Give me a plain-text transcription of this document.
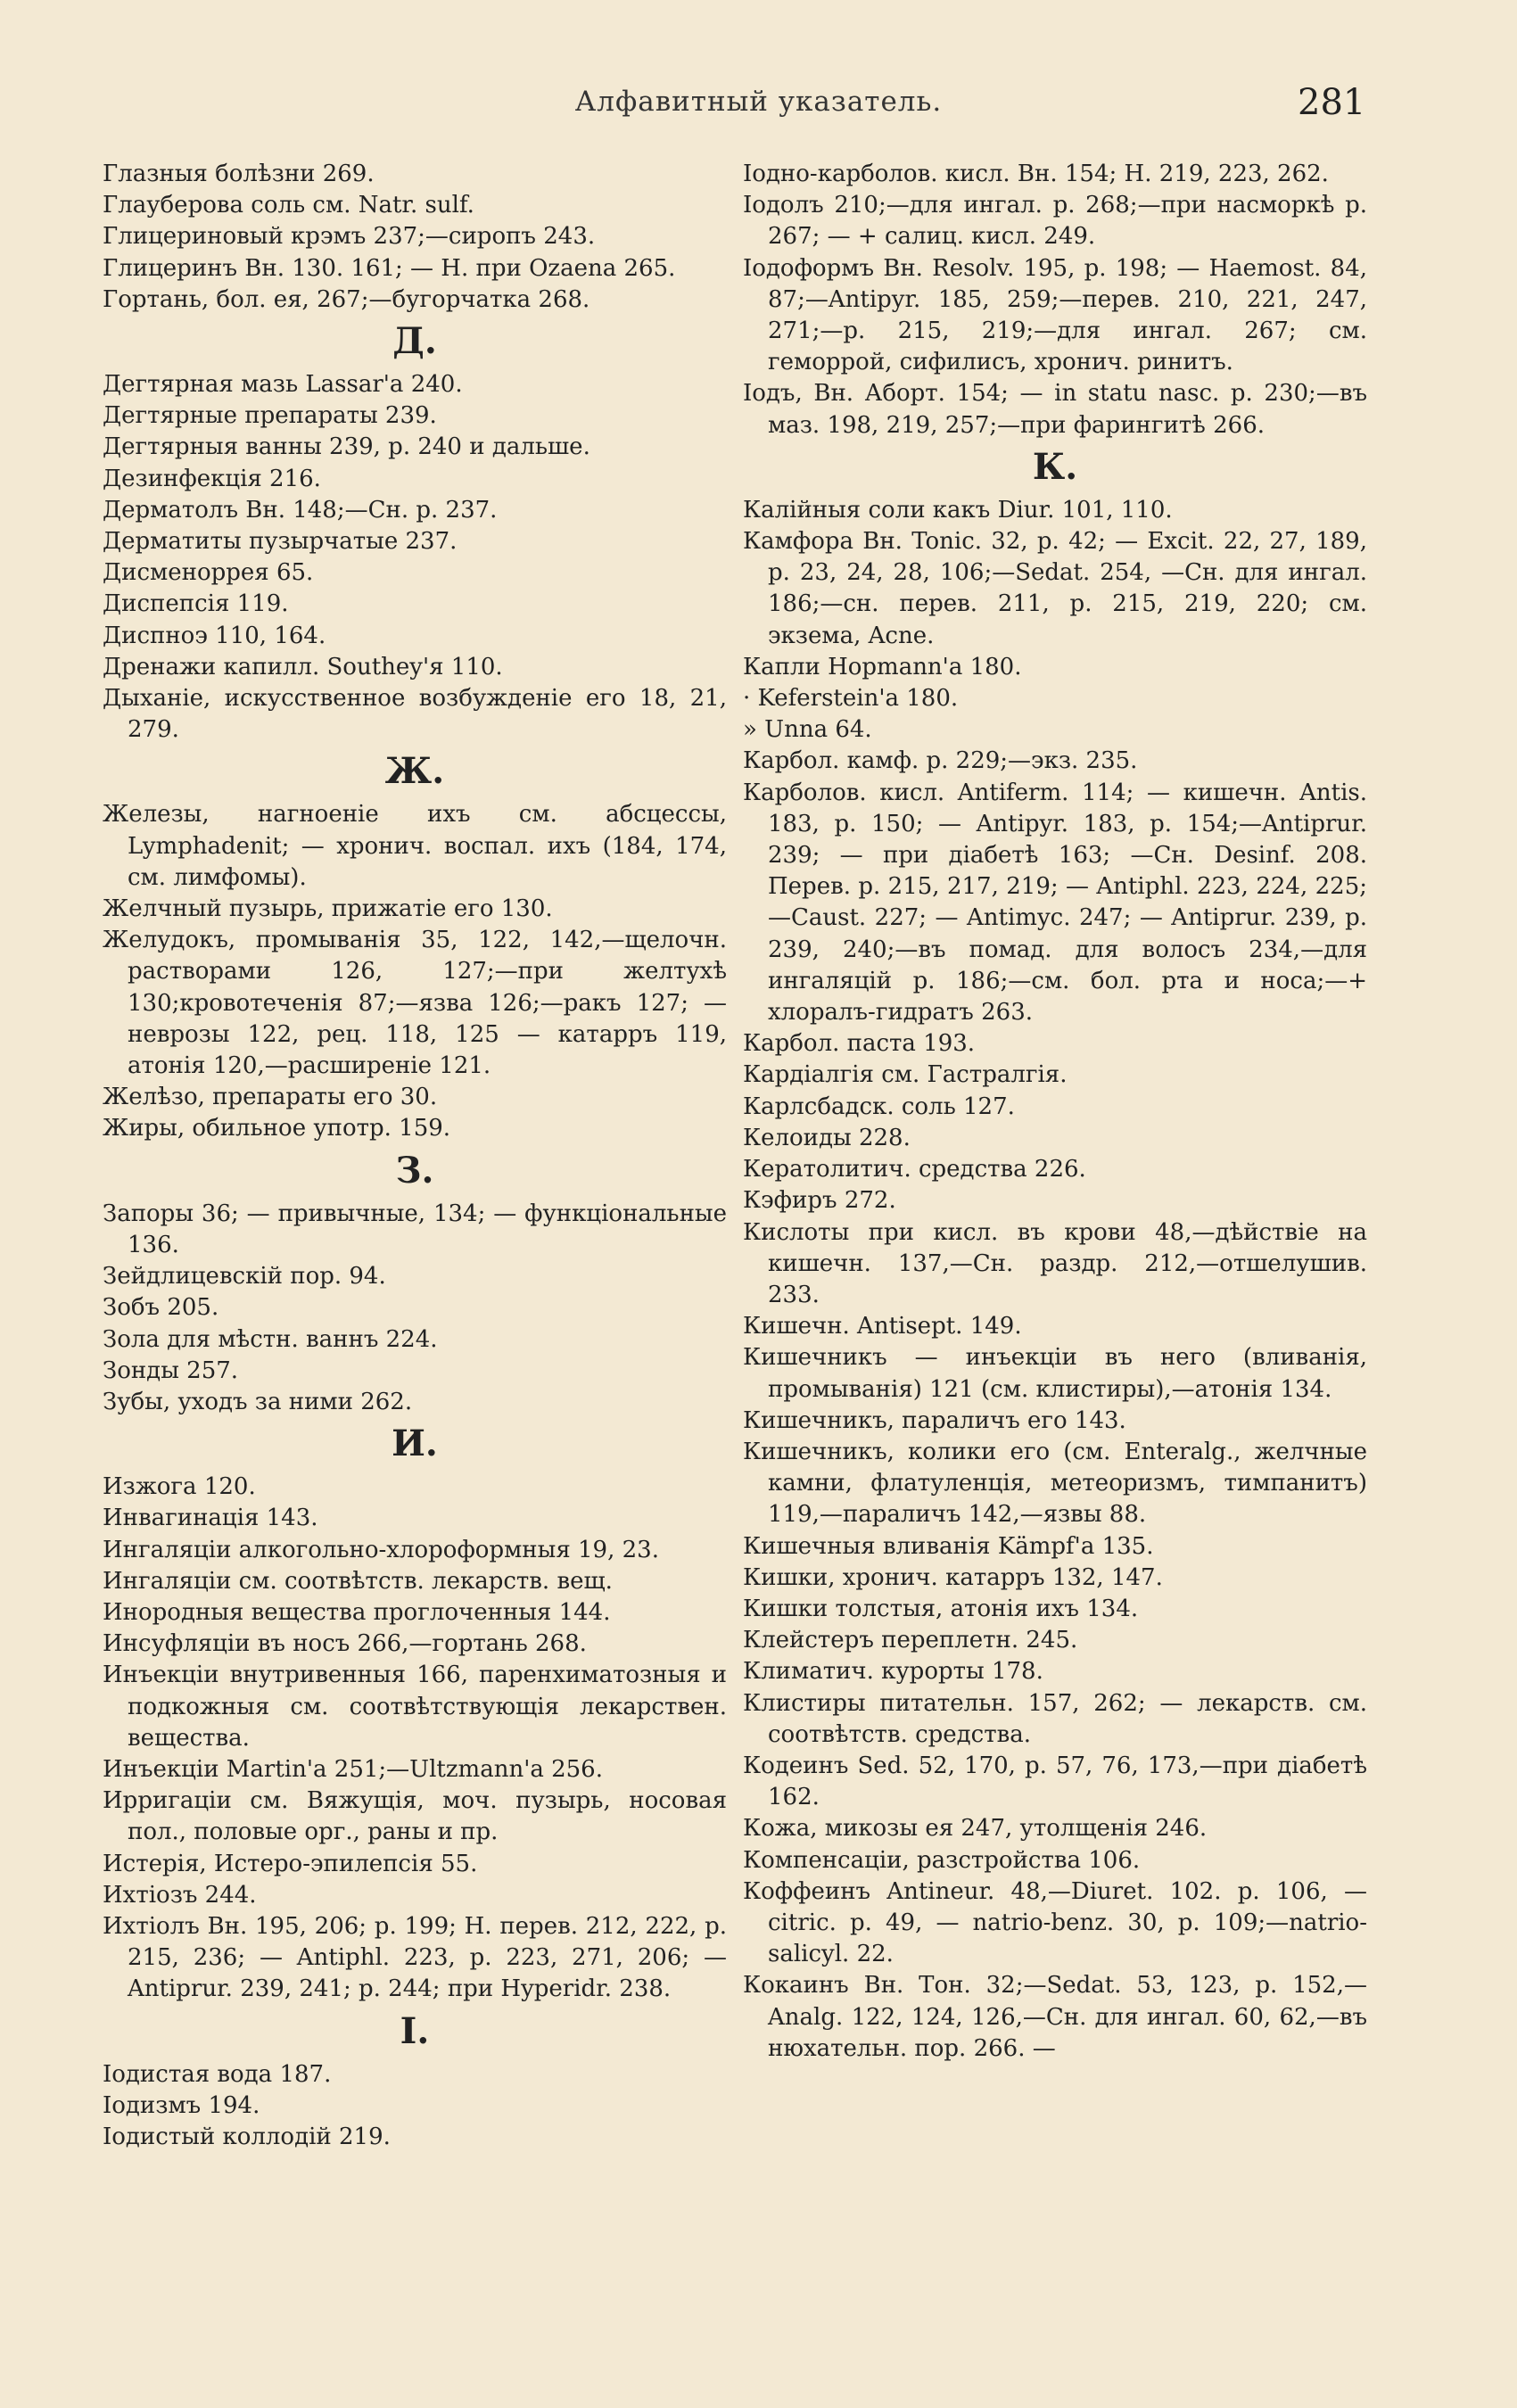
Алфавитный указатель.	281
Глазныя болѣзни 269.
Глауберова соль см. Natr. sulf.
Глицериновый крэмъ 237;—сиропъ 243.
Глицеринъ Вн. 130. 161; — Н. при Ozaena 265.
Гортань, бол. ея, 267;—бугорчатка 268.
Д.
Дегтярная мазь Lassar'a 240.
Дегтярные препараты 239.
Дегтярныя ванны 239, р. 240 и дальше.
Дезинфекція 216.
Дерматолъ Вн. 148;—Сн. р. 237.
Дерматиты пузырчатые 237.
Дисменоррея 65.
Диспепсія 119.
Диспноэ 110, 164.
Дренажи капилл. Southey'я 110.
Дыханіе, искусственное возбужденіе его 18, 21, 279.
Ж.
Железы, нагноеніе ихъ см. абсцессы, Lymphadenit; — хронич. воспал. ихъ (184, 174, см. лимфомы).
Желчный пузырь, прижатіе его 130.
Желудокъ, промыванія 35, 122, 142,—щелочн. растворами 126, 127;—при желтухѣ 130;кровотеченія 87;—язва 126;—ракъ 127; — неврозы 122, рец. 118, 125 — катарръ 119, атонія 120,—расширеніе 121.
Желѣзо, препараты его 30.
Жиры, обильное употр. 159.
З.
Запоры 36; — привычные, 134; — функціональные 136.
Зейдлицевскій пор. 94.
Зобъ 205.
Зола для мѣстн. ваннъ 224.
Зонды 257.
Зубы, уходъ за ними 262.
И.
Изжога 120.
Инвагинація 143.
Ингаляціи алкогольно-хлороформныя 19, 23.
Ингаляціи см. соотвѣтств. лекарств. вещ.
Инородныя вещества проглоченныя 144.
Инсуфляціи въ носъ 266,—гортань 268.
Инъекціи внутривенныя 166, паренхиматозныя и подкожныя см. соотвѣтствующія лекарствен. вещества.
Инъекціи Martin'a 251;—Ultzmann'a 256.
Ирригаціи см. Вяжущія, моч. пузырь, носовая пол., половые орг., раны и пр.
Истерія, Истеро-эпилепсія 55.
Ихтіозъ 244.
Ихтіолъ Вн. 195, 206; р. 199; Н. перев. 212, 222, р. 215, 236; — Antiphl. 223, р. 223, 271, 206; — Antiprur. 239, 241; р. 244; при Hyperidr. 238.
I.
Іодистая вода 187.
Іодизмъ 194.
Іодистый коллодій 219.
Іодно-карболов. кисл. Вн. 154; Н. 219, 223, 262.
Іодолъ 210;—для ингал. р. 268;—при насморкѣ р. 267; — + салиц. кисл. 249.
Іодоформъ Вн. Resolv. 195, р. 198; — Haemost. 84, 87;—Antipyr. 185, 259;—перев. 210, 221, 247, 271;—р. 215, 219;—для ингал. 267; см. геморрой, сифилисъ, хронич. ринитъ.
Іодъ, Вн. Аборт. 154; — in statu nasc. р. 230;—въ маз. 198, 219, 257;—при фарингитѣ 266.
К.
Калійныя соли какъ Diur. 101, 110.
Камфора Вн. Tonic. 32, р. 42; — Excit. 22, 27, 189, р. 23, 24, 28, 106;—Sedat. 254, —Сн. для ингал. 186;—сн. перев. 211, р. 215, 219, 220; см. экзема, Acne.
Капли Hopmann'a 180.
· Kefersteіn'a 180.
» Unna 64.
Карбол. камф. р. 229;—экз. 235.
Карболов. кисл. Antiferm. 114; — кишечн. Antis. 183, р. 150; — Antipyr. 183, р. 154;—Antiprur. 239; — при діабетѣ 163; —Сн. Desinf. 208. Перев. р. 215, 217, 219; — Antiphl. 223, 224, 225;—Caust. 227; — Antimyc. 247; — Antiprur. 239, р. 239, 240;—въ помад. для волосъ 234,—для ингаляцій р. 186;—см. бол. рта и носа;—+ хлоралъ-гидратъ 263.
Карбол. паста 193.
Кардіалгія см. Гастралгія.
Карлсбадск. соль 127.
Келоиды 228.
Кератолитич. средства 226.
Кэфиръ 272.
Кислоты при кисл. въ крови 48,—дѣйствіе на кишечн. 137,—Сн. раздр. 212,—отшелушив. 233.
Кишечн. Antisept. 149.
Кишечникъ — инъекціи въ него (вливанія, промыванія) 121 (см. клистиры),—атонія 134.
Кишечникъ, параличъ его 143.
Кишечникъ, колики его (см. Enteralg., желчные камни, флатуленція, метеоризмъ, тимпанитъ) 119,—параличъ 142,—язвы 88.
Кишечныя вливанія Kämpf'a 135.
Кишки, хронич. катарръ 132, 147.
Кишки толстыя, атонія ихъ 134.
Клейстеръ переплетн. 245.
Климатич. курорты 178.
Клистиры питательн. 157, 262; — лекарств. см. соотвѣтств. средства.
Кодеинъ Sed. 52, 170, р. 57, 76, 173,—при діабетѣ 162.
Кожа, микозы ея 247, утолщенія 246.
Компенсаціи, разстройства 106.
Коффеинъ Antineur. 48,—Diuret. 102. р. 106, — citric. р. 49, — natrio-benz. 30, р. 109;—natrio-salicyl. 22.
Кокаинъ Вн. Тон. 32;—Sedat. 53, 123, р. 152,—Analg. 122, 124, 126,—Сн. для ингал. 60, 62,—въ нюхательн. пор. 266. —
